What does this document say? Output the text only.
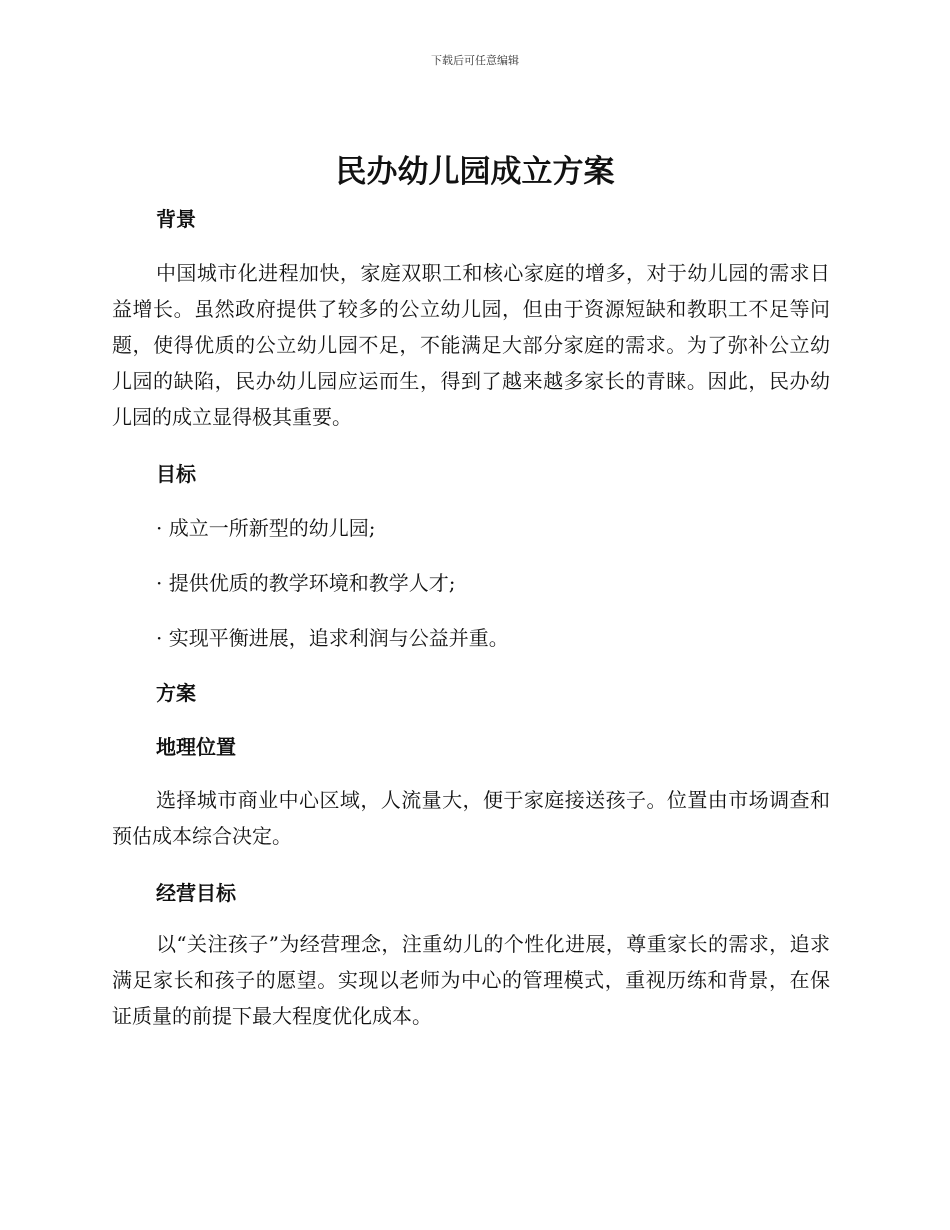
下载后可任意编辑
民办幼儿园成立方案
背景

中国城市化进程加快，家庭双职工和核心家庭的增多，对于幼儿园的需求日益增长。虽然政府提供了较多的公立幼儿园，但由于资源短缺和教职工不足等问题，使得优质的公立幼儿园不足，不能满足大部分家庭的需求。为了弥补公立幼儿园的缺陷，民办幼儿园应运而生，得到了越来越多家长的青睐。因此，民办幼儿园的成立显得极其重要。

目标

· 成立一所新型的幼儿园;

· 提供优质的教学环境和教学人才;

· 实现平衡进展，追求利润与公益并重。

方案
地理位置

选择城市商业中心区域，人流量大，便于家庭接送孩子。位置由市场调查和预估成本综合决定。

经营目标

以“关注孩子”为经营理念，注重幼儿的个性化进展，尊重家长的需求，追求满足家长和孩子的愿望。实现以老师为中心的管理模式，重视历练和背景，在保证质量的前提下最大程度优化成本。
